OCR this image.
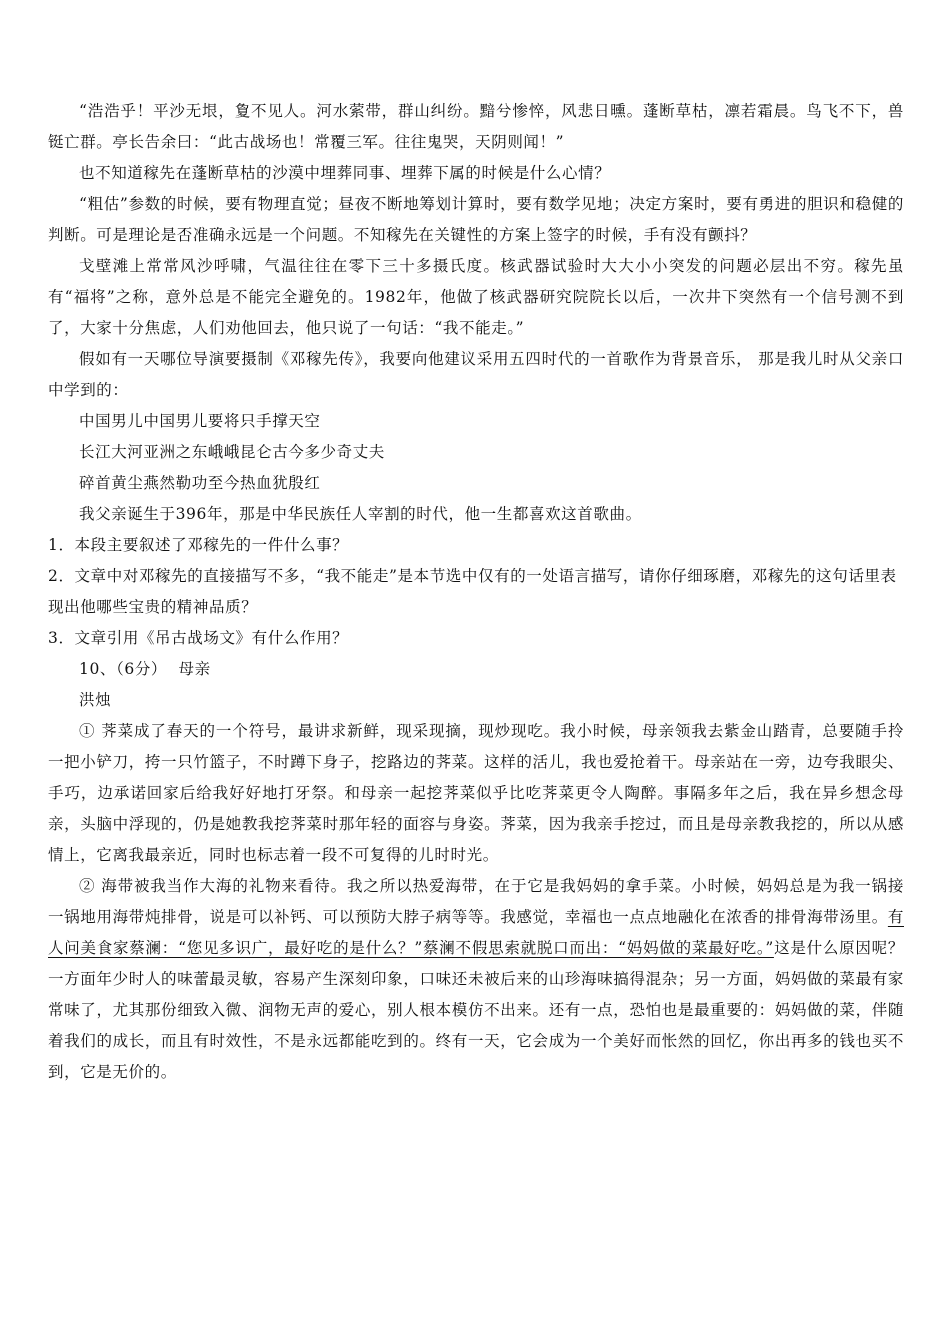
“浩浩乎！平沙无垠，夐不见人。河水萦带，群山纠纷。黯兮惨悴，风悲日曛。蓬断草枯，凛若霜晨。鸟飞不下，兽铤亡群。亭长告余曰：“此古战场也！常覆三军。往往鬼哭，天阴则闻！”

也不知道稼先在蓬断草枯的沙漠中埋葬同事、埋葬下属的时候是什么心情？

“粗估”参数的时候，要有物理直觉；昼夜不断地筹划计算时，要有数学见地；决定方案时，要有勇进的胆识和稳健的判断。可是理论是否准确永远是一个问题。不知稼先在关键性的方案上签字的时候，手有没有颤抖？

戈壁滩上常常风沙呼啸，气温往往在零下三十多摄氏度。核武器试验时大大小小突发的问题必层出不穷。稼先虽有“福将”之称，意外总是不能完全避免的。1982年，他做了核武器研究院院长以后，一次井下突然有一个信号测不到了，大家十分焦虑，人们劝他回去，他只说了一句话：“我不能走。”

假如有一天哪位导演要摄制《邓稼先传》，我要向他建议采用五四时代的一首歌作为背景音乐， 那是我儿时从父亲口中学到的：

中国男儿中国男儿要将只手撑天空

长江大河亚洲之东峨峨昆仑古今多少奇丈夫

碎首黄尘燕然勒功至今热血犹殷红

我父亲诞生于396年，那是中华民族任人宰割的时代，他一生都喜欢这首歌曲。

1．本段主要叙述了邓稼先的一件什么事？

2．文章中对邓稼先的直接描写不多，“我不能走”是本节选中仅有的一处语言描写，请你仔细琢磨，邓稼先的这句话里表现出他哪些宝贵的精神品质？

3．文章引用《吊古战场文》有什么作用？

10、（6分） 母亲

洪烛

① 荠菜成了春天的一个符号，最讲求新鲜，现采现摘，现炒现吃。我小时候，母亲领我去紫金山踏青，总要随手拎一把小铲刀，挎一只竹篮子，不时蹲下身子，挖路边的荠菜。这样的活儿，我也爱抢着干。母亲站在一旁，边夸我眼尖、手巧，边承诺回家后给我好好地打牙祭。和母亲一起挖荠菜似乎比吃荠菜更令人陶醉。事隔多年之后，我在异乡想念母亲，头脑中浮现的，仍是她教我挖荠菜时那年轻的面容与身姿。荠菜，因为我亲手挖过，而且是母亲教我挖的，所以从感情上，它离我最亲近，同时也标志着一段不可复得的儿时时光。

② 海带被我当作大海的礼物来看待。我之所以热爱海带，在于它是我妈妈的拿手菜。小时候，妈妈总是为我一锅接一锅地用海带炖排骨，说是可以补钙、可以预防大脖子病等等。我感觉，幸福也一点点地融化在浓香的排骨海带汤里。有人问美食家蔡澜：“您见多识广，最好吃的是什么？”蔡澜不假思索就脱口而出：“妈妈做的菜最好吃。”这是什么原因呢？一方面年少时人的味蕾最灵敏，容易产生深刻印象，口味还未被后来的山珍海味搞得混杂；另一方面，妈妈做的菜最有家常味了，尤其那份细致入微、润物无声的爱心，别人根本模仿不出来。还有一点，恐怕也是最重要的：妈妈做的菜，伴随着我们的成长，而且有时效性，不是永远都能吃到的。终有一天，它会成为一个美好而怅然的回忆，你出再多的钱也买不到，它是无价的。
